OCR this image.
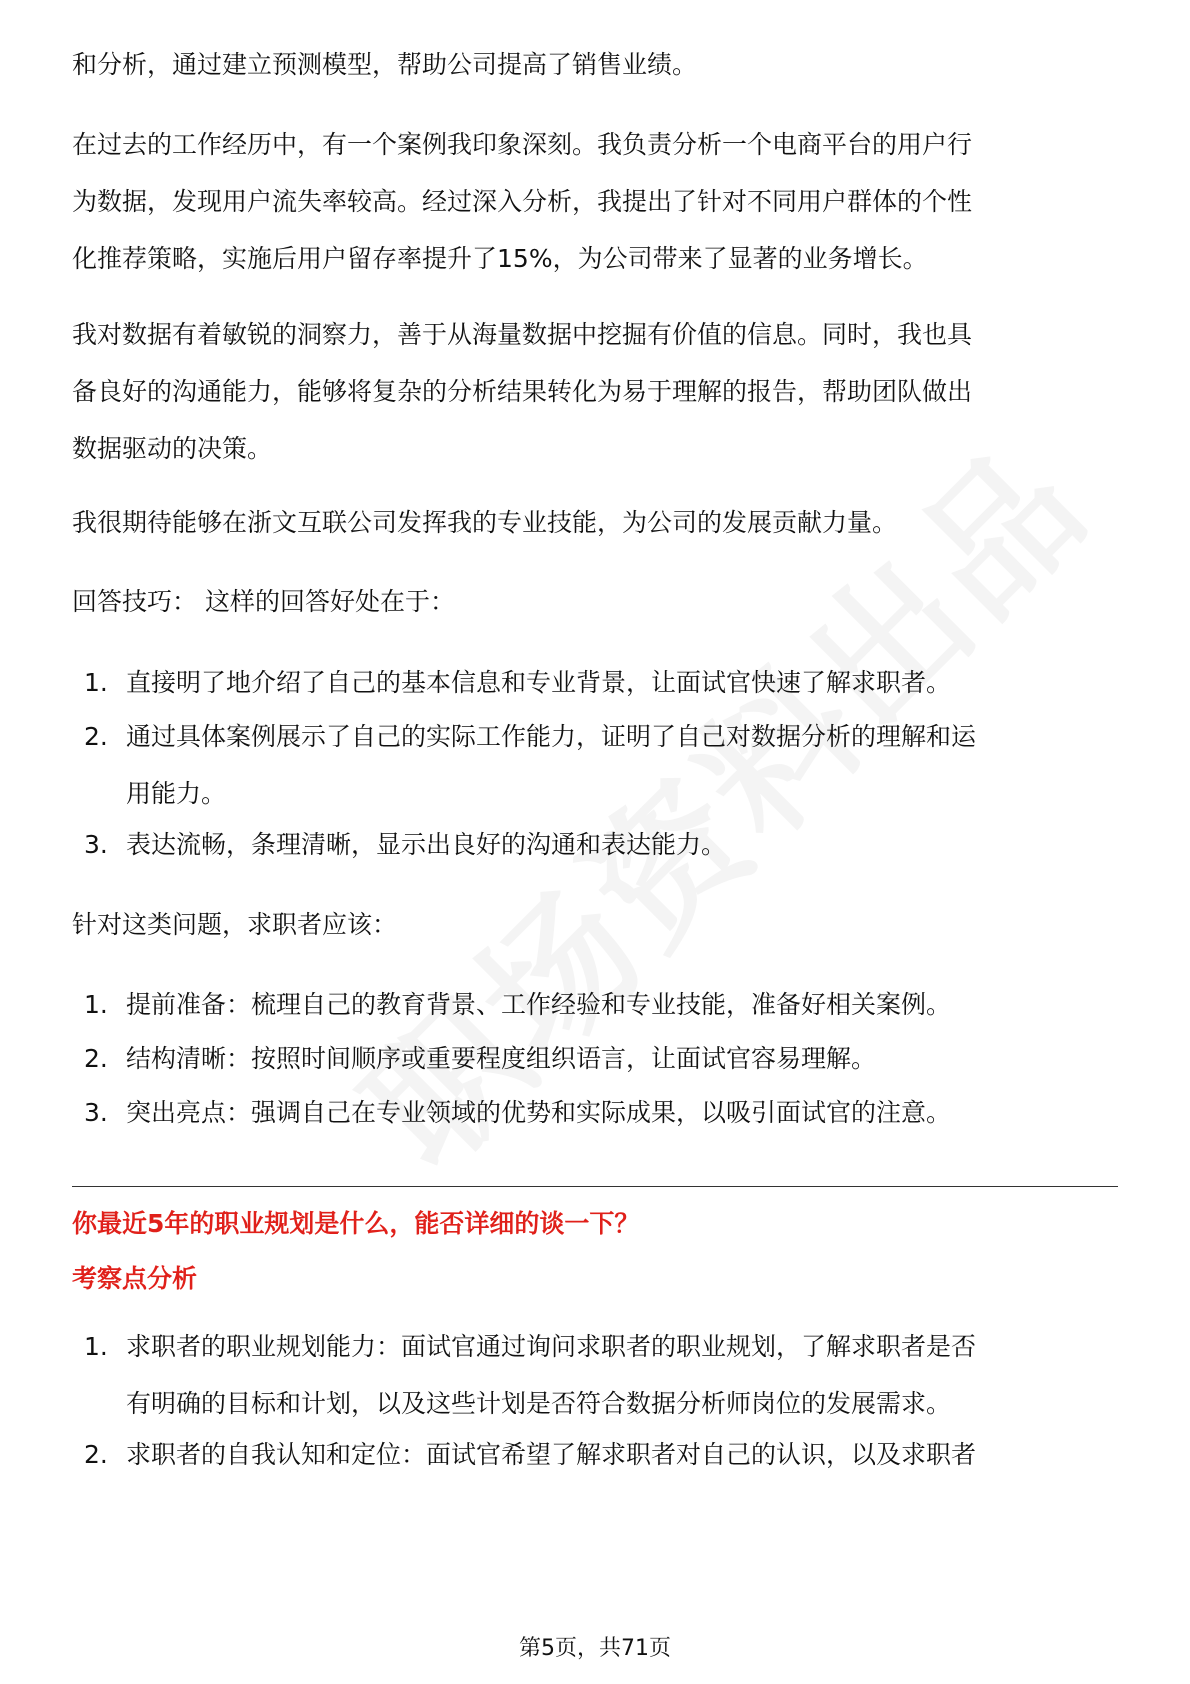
和分析，通过建立预测模型，帮助公司提高了销售业绩。
在过去的工作经历中，有一个案例我印象深刻。我负责分析一个电商平台的用户行
为数据，发现用户流失率较高。经过深入分析，我提出了针对不同用户群体的个性
化推荐策略，实施后用户留存率提升了15%，为公司带来了显著的业务增长。
我对数据有着敏锐的洞察力，善于从海量数据中挖掘有价值的信息。同时，我也具
备良好的沟通能力，能够将复杂的分析结果转化为易于理解的报告，帮助团队做出
数据驱动的决策。
我很期待能够在浙文互联公司发挥我的专业技能，为公司的发展贡献力量。
回答技巧： 这样的回答好处在于：
1. 直接明了地介绍了自己的基本信息和专业背景，让面试官快速了解求职者。
2. 通过具体案例展示了自己的实际工作能力，证明了自己对数据分析的理解和运
用能力。
3. 表达流畅，条理清晰，显示出良好的沟通和表达能力。
针对这类问题，求职者应该：
1. 提前准备：梳理自己的教育背景、工作经验和专业技能，准备好相关案例。
2. 结构清晰：按照时间顺序或重要程度组织语言，让面试官容易理解。
3. 突出亮点：强调自己在专业领域的优势和实际成果，以吸引面试官的注意。
你最近5年的职业规划是什么，能否详细的谈一下？
考察点分析
1. 求职者的职业规划能力：面试官通过询问求职者的职业规划，了解求职者是否
有明确的目标和计划，以及这些计划是否符合数据分析师岗位的发展需求。
2. 求职者的自我认知和定位：面试官希望了解求职者对自己的认识，以及求职者
第5页，共71页
